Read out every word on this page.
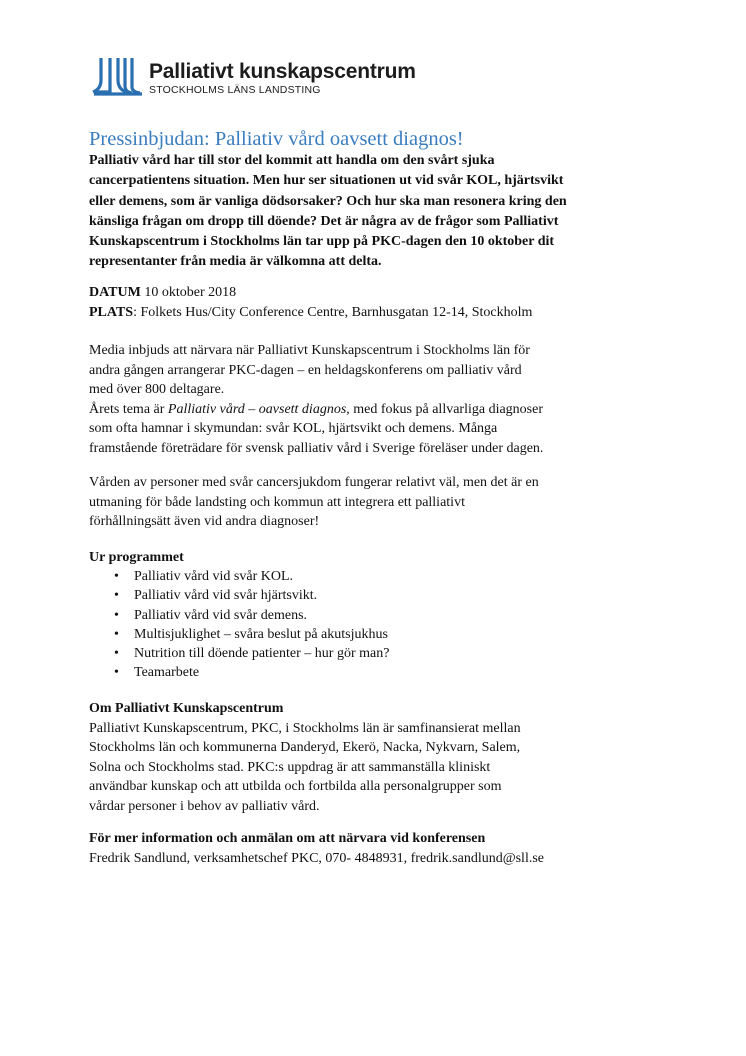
Palliativt kunskapscentrum
STOCKHOLMS LÄNS LANDSTING
Pressinbjudan: Palliativ vård oavsett diagnos!
Palliativ vård har till stor del kommit att handla om den svårt sjuka
cancerpatientens situation. Men hur ser situationen ut vid svår KOL, hjärtsvikt
eller demens, som är vanliga dödsorsaker? Och hur ska man resonera kring den
känsliga frågan om dropp till döende? Det är några av de frågor som Palliativt
Kunskapscentrum i Stockholms län tar upp på PKC-dagen den 10 oktober dit
representanter från media är välkomna att delta.
DATUM 10 oktober 2018
PLATS: Folkets Hus/City Conference Centre, Barnhusgatan 12-14, Stockholm
Media inbjuds att närvara när Palliativt Kunskapscentrum i Stockholms län för
andra gången arrangerar PKC-dagen – en heldagskonferens om palliativ vård
med över 800 deltagare.
Årets tema är Palliativ vård – oavsett diagnos, med fokus på allvarliga diagnoser
som ofta hamnar i skymundan: svår KOL, hjärtsvikt och demens. Många
framstående företrädare för svensk palliativ vård i Sverige föreläser under dagen.
Vården av personer med svår cancersjukdom fungerar relativt väl, men det är en
utmaning för både landsting och kommun att integrera ett palliativt
förhållningsätt även vid andra diagnoser!
Ur programmet
• Palliativ vård vid svår KOL.
• Palliativ vård vid svår hjärtsvikt.
• Palliativ vård vid svår demens.
• Multisjuklighet – svåra beslut på akutsjukhus
• Nutrition till döende patienter – hur gör man?
• Teamarbete
Om Palliativt Kunskapscentrum
Palliativt Kunskapscentrum, PKC, i Stockholms län är samfinansierat mellan
Stockholms län och kommunerna Danderyd, Ekerö, Nacka, Nykvarn, Salem,
Solna och Stockholms stad. PKC:s uppdrag är att sammanställa kliniskt
användbar kunskap och att utbilda och fortbilda alla personalgrupper som
vårdar personer i behov av palliativ vård.
För mer information och anmälan om att närvara vid konferensen
Fredrik Sandlund, verksamhetschef PKC, 070- 4848931, fredrik.sandlund@sll.se
